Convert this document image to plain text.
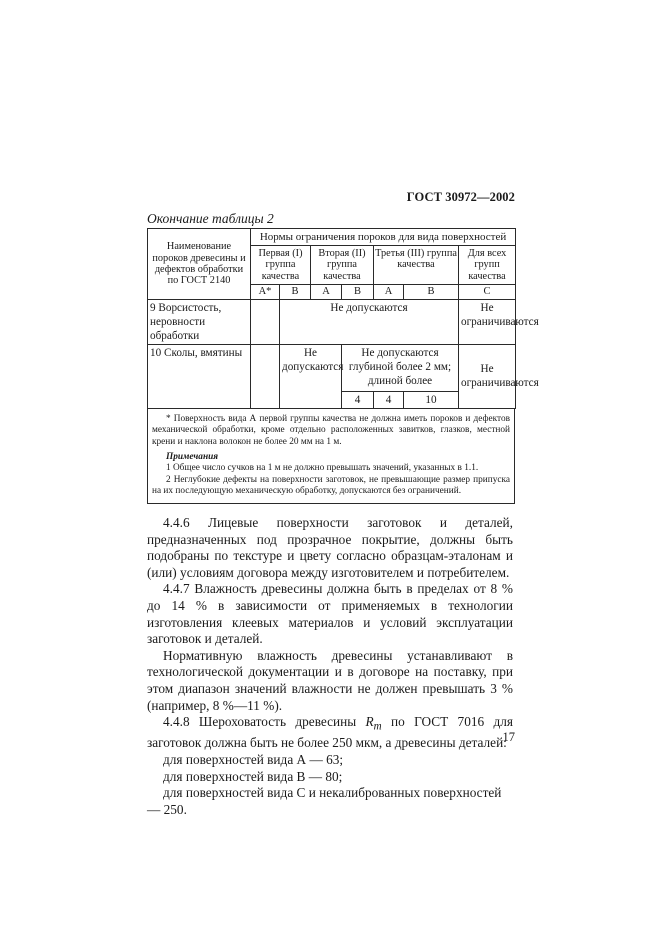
ГОСТ 30972—2002
Окончание таблицы 2
Наименование пороков древесины и дефектов обработки по ГОСТ 2140	Нормы ограничения пороков для вида поверхностей						
	Первая (I) группа качества		Вторая (II) группа качества		Третья (III) группа качества		Для всех групп качества
	А*	В	А	В	А	В	С
9 Ворсистость, неровности обработки		Не допускаются					Не ограничиваются
10 Сколы, вмятины		Не допускаются		Не допускаются глубиной более 2 мм; длиной более			Не ограничиваются
				4	4	10	

* Поверхность вида А первой группы качества не должна иметь пороков и дефектов механической обработки, кроме отдельно расположенных завитков, глазков, местной крени и наклона волокон не более 20 мм на 1 м.

Примечания

1 Общее число сучков на 1 м не должно превышать значений, указанных в 1.1.

2 Неглубокие дефекты на поверхности заготовок, не превышающие размер припуска на их последующую механическую обработку, допускаются без ограничений.

4.4.6 Лицевые поверхности заготовок и деталей, предназначенных под прозрачное покрытие, должны быть подобраны по текстуре и цвету согласно образцам-эталонам и (или) условиям договора между изготовителем и потребителем.

4.4.7 Влажность древесины должна быть в пределах от 8 % до 14 % в зависимости от применяемых в технологии изготовления клеевых материалов и условий эксплуатации заготовок и деталей.

Нормативную влажность древесины устанавливают в технологической документации и в договоре на поставку, при этом диапазон значений влажности не должен превышать 3 % (например, 8 %—11 %).

4.4.8 Шероховатость древесины $R_m$ по ГОСТ 7016 для заготовок должна быть не более 250 мкм, а древесины деталей:

для поверхностей вида А — 63;

для поверхностей вида В — 80;

для поверхностей вида С и некалиброванных поверхностей — 250.

17
